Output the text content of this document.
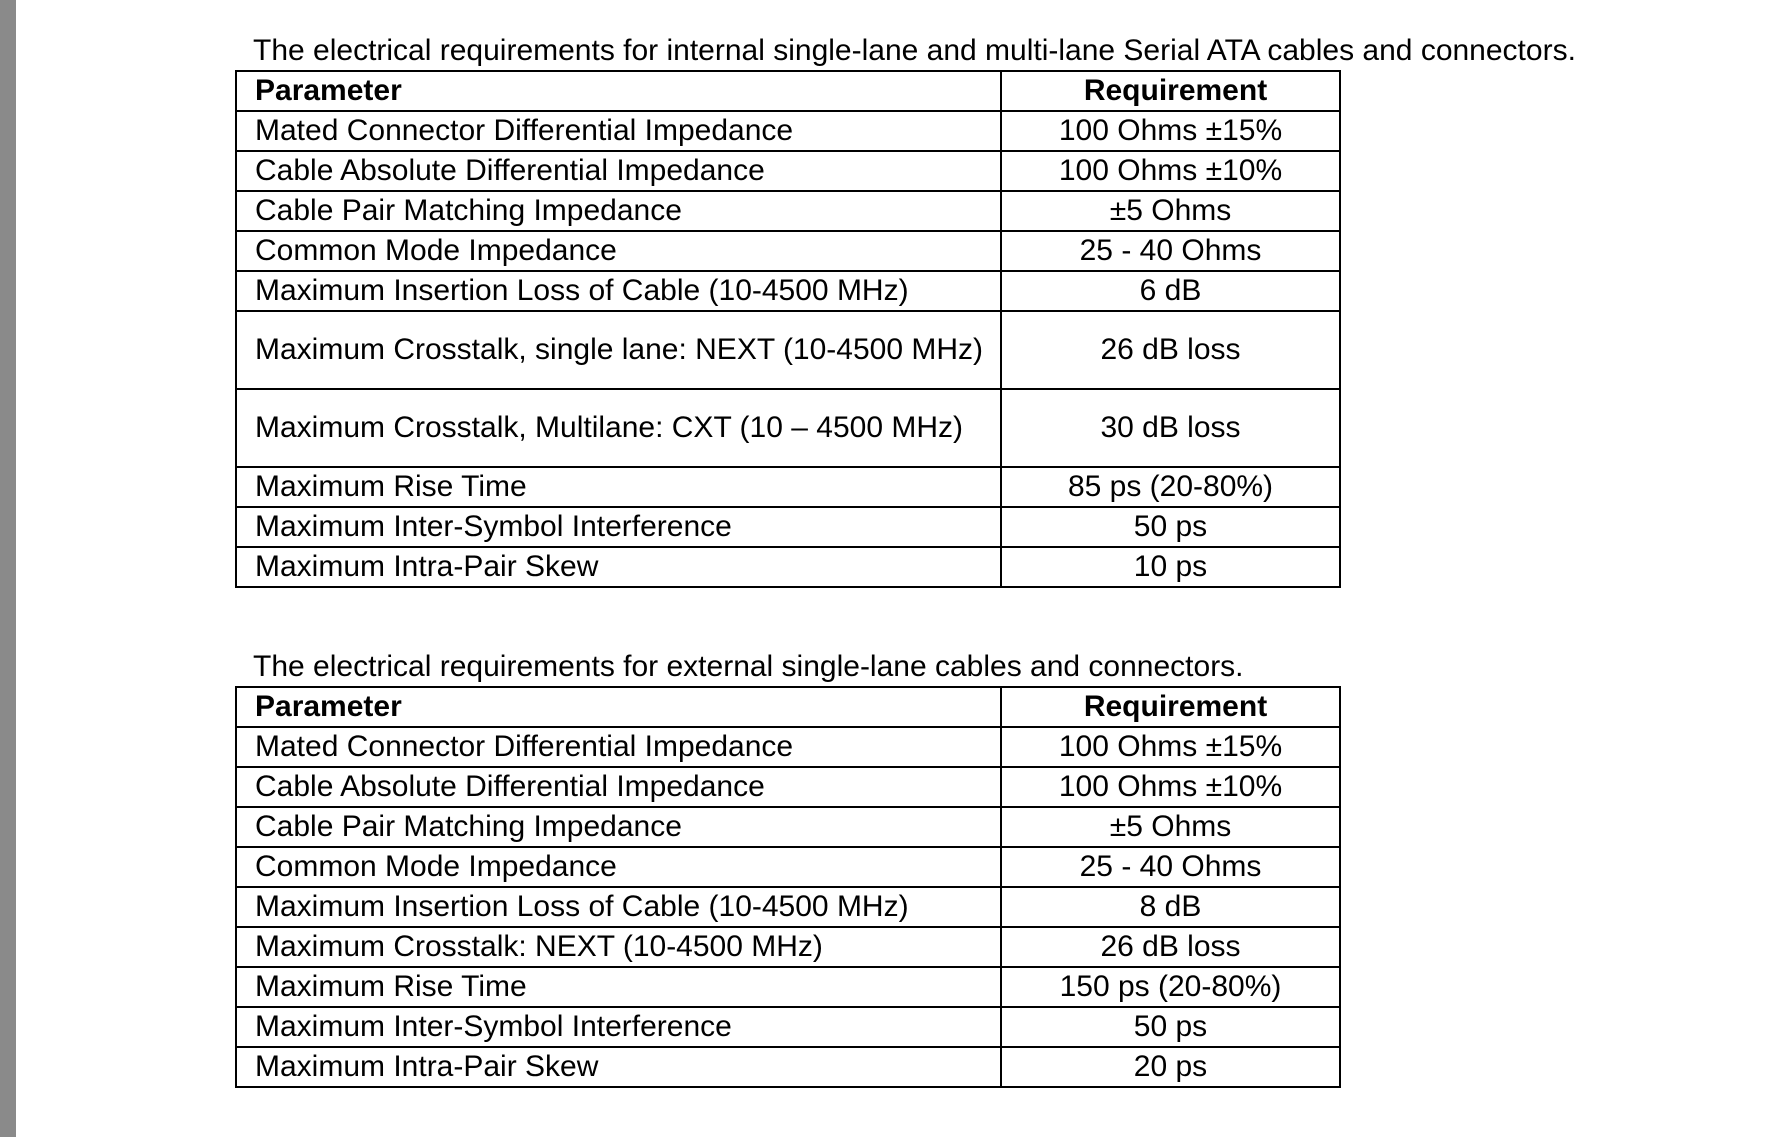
The electrical requirements for internal single-lane and multi-lane Serial ATA cables and connectors.
Parameter	Requirement
Mated Connector Differential Impedance	100 Ohms ±15%
Cable Absolute Differential Impedance	100 Ohms ±10%
Cable Pair Matching Impedance	±5 Ohms
Common Mode Impedance	25 - 40 Ohms
Maximum Insertion Loss of Cable (10-4500 MHz)	6 dB
Maximum Crosstalk, single lane: NEXT (10-4500 MHz)	26 dB loss
Maximum Crosstalk, Multilane: CXT (10 – 4500 MHz)	30 dB loss
Maximum Rise Time	85 ps (20-80%)
Maximum Inter-Symbol Interference	50 ps
Maximum Intra-Pair Skew	10 ps
The electrical requirements for external single-lane cables and connectors.
Parameter	Requirement
Mated Connector Differential Impedance	100 Ohms ±15%
Cable Absolute Differential Impedance	100 Ohms ±10%
Cable Pair Matching Impedance	±5 Ohms
Common Mode Impedance	25 - 40 Ohms
Maximum Insertion Loss of Cable (10-4500 MHz)	8 dB
Maximum Crosstalk: NEXT (10-4500 MHz)	26 dB loss
Maximum Rise Time	150 ps (20-80%)
Maximum Inter-Symbol Interference	50 ps
Maximum Intra-Pair Skew	20 ps
